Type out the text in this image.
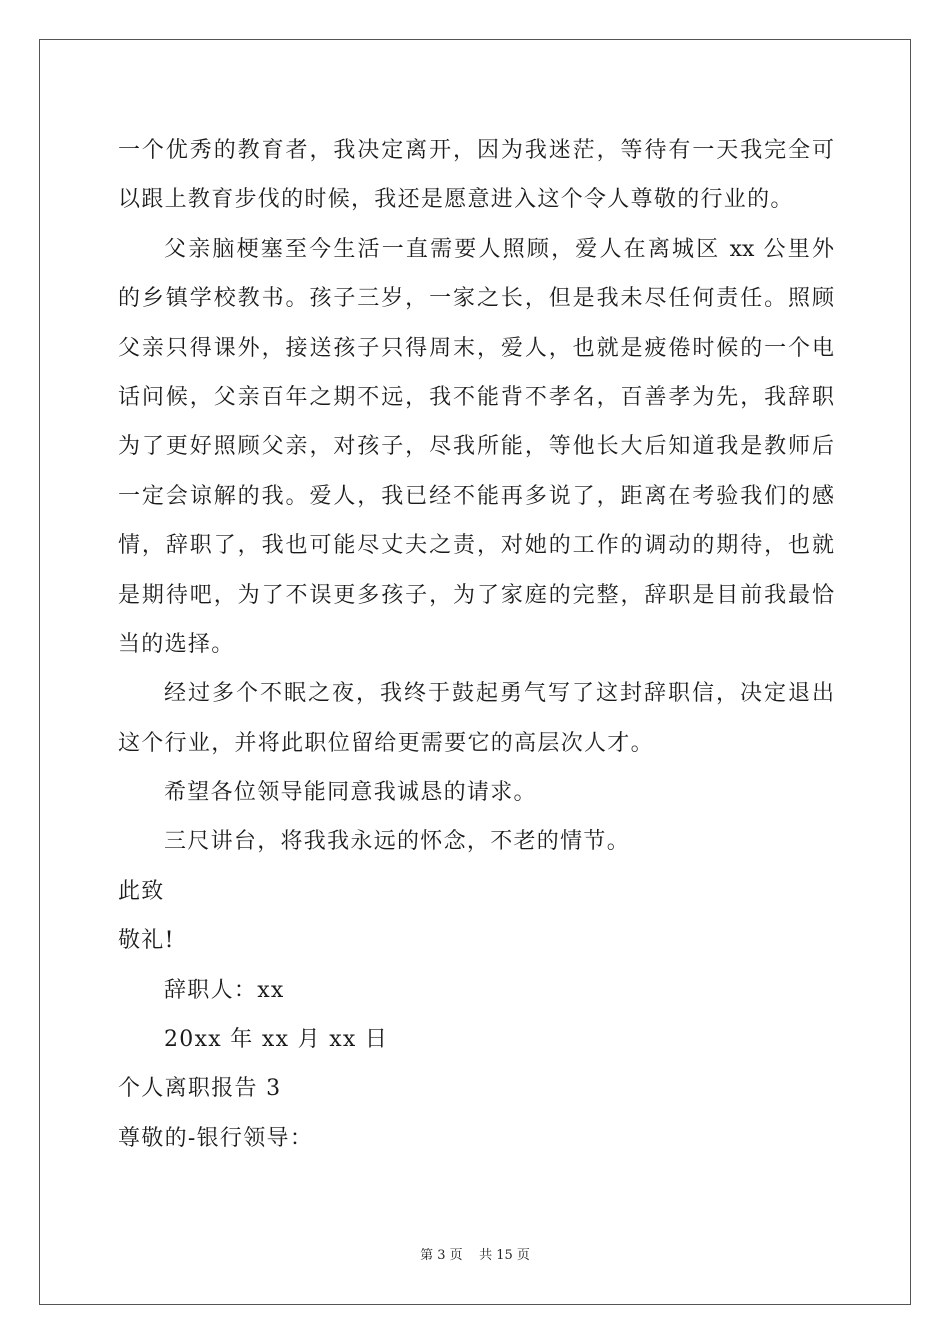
一个优秀的教育者，我决定离开，因为我迷茫，等待有一天我完全可
以跟上教育步伐的时候，我还是愿意进入这个令人尊敬的行业的。
父亲脑梗塞至今生活一直需要人照顾，爱人在离城区 xx 公里外
的乡镇学校教书。孩子三岁，一家之长，但是我未尽任何责任。照顾
父亲只得课外，接送孩子只得周末，爱人，也就是疲倦时候的一个电
话问候，父亲百年之期不远，我不能背不孝名，百善孝为先，我辞职
为了更好照顾父亲，对孩子，尽我所能，等他长大后知道我是教师后
一定会谅解的我。爱人，我已经不能再多说了，距离在考验我们的感
情，辞职了，我也可能尽丈夫之责，对她的工作的调动的期待，也就
是期待吧，为了不误更多孩子，为了家庭的完整，辞职是目前我最恰
当的选择。
经过多个不眠之夜，我终于鼓起勇气写了这封辞职信，决定退出
这个行业，并将此职位留给更需要它的高层次人才。
希望各位领导能同意我诚恳的请求。
三尺讲台，将我我永远的怀念，不老的情节。
此致
敬礼!
辞职人：xx
20xx 年 xx 月 xx 日
个人离职报告 3
尊敬的-银行领导：
第 3 页    共 15 页
